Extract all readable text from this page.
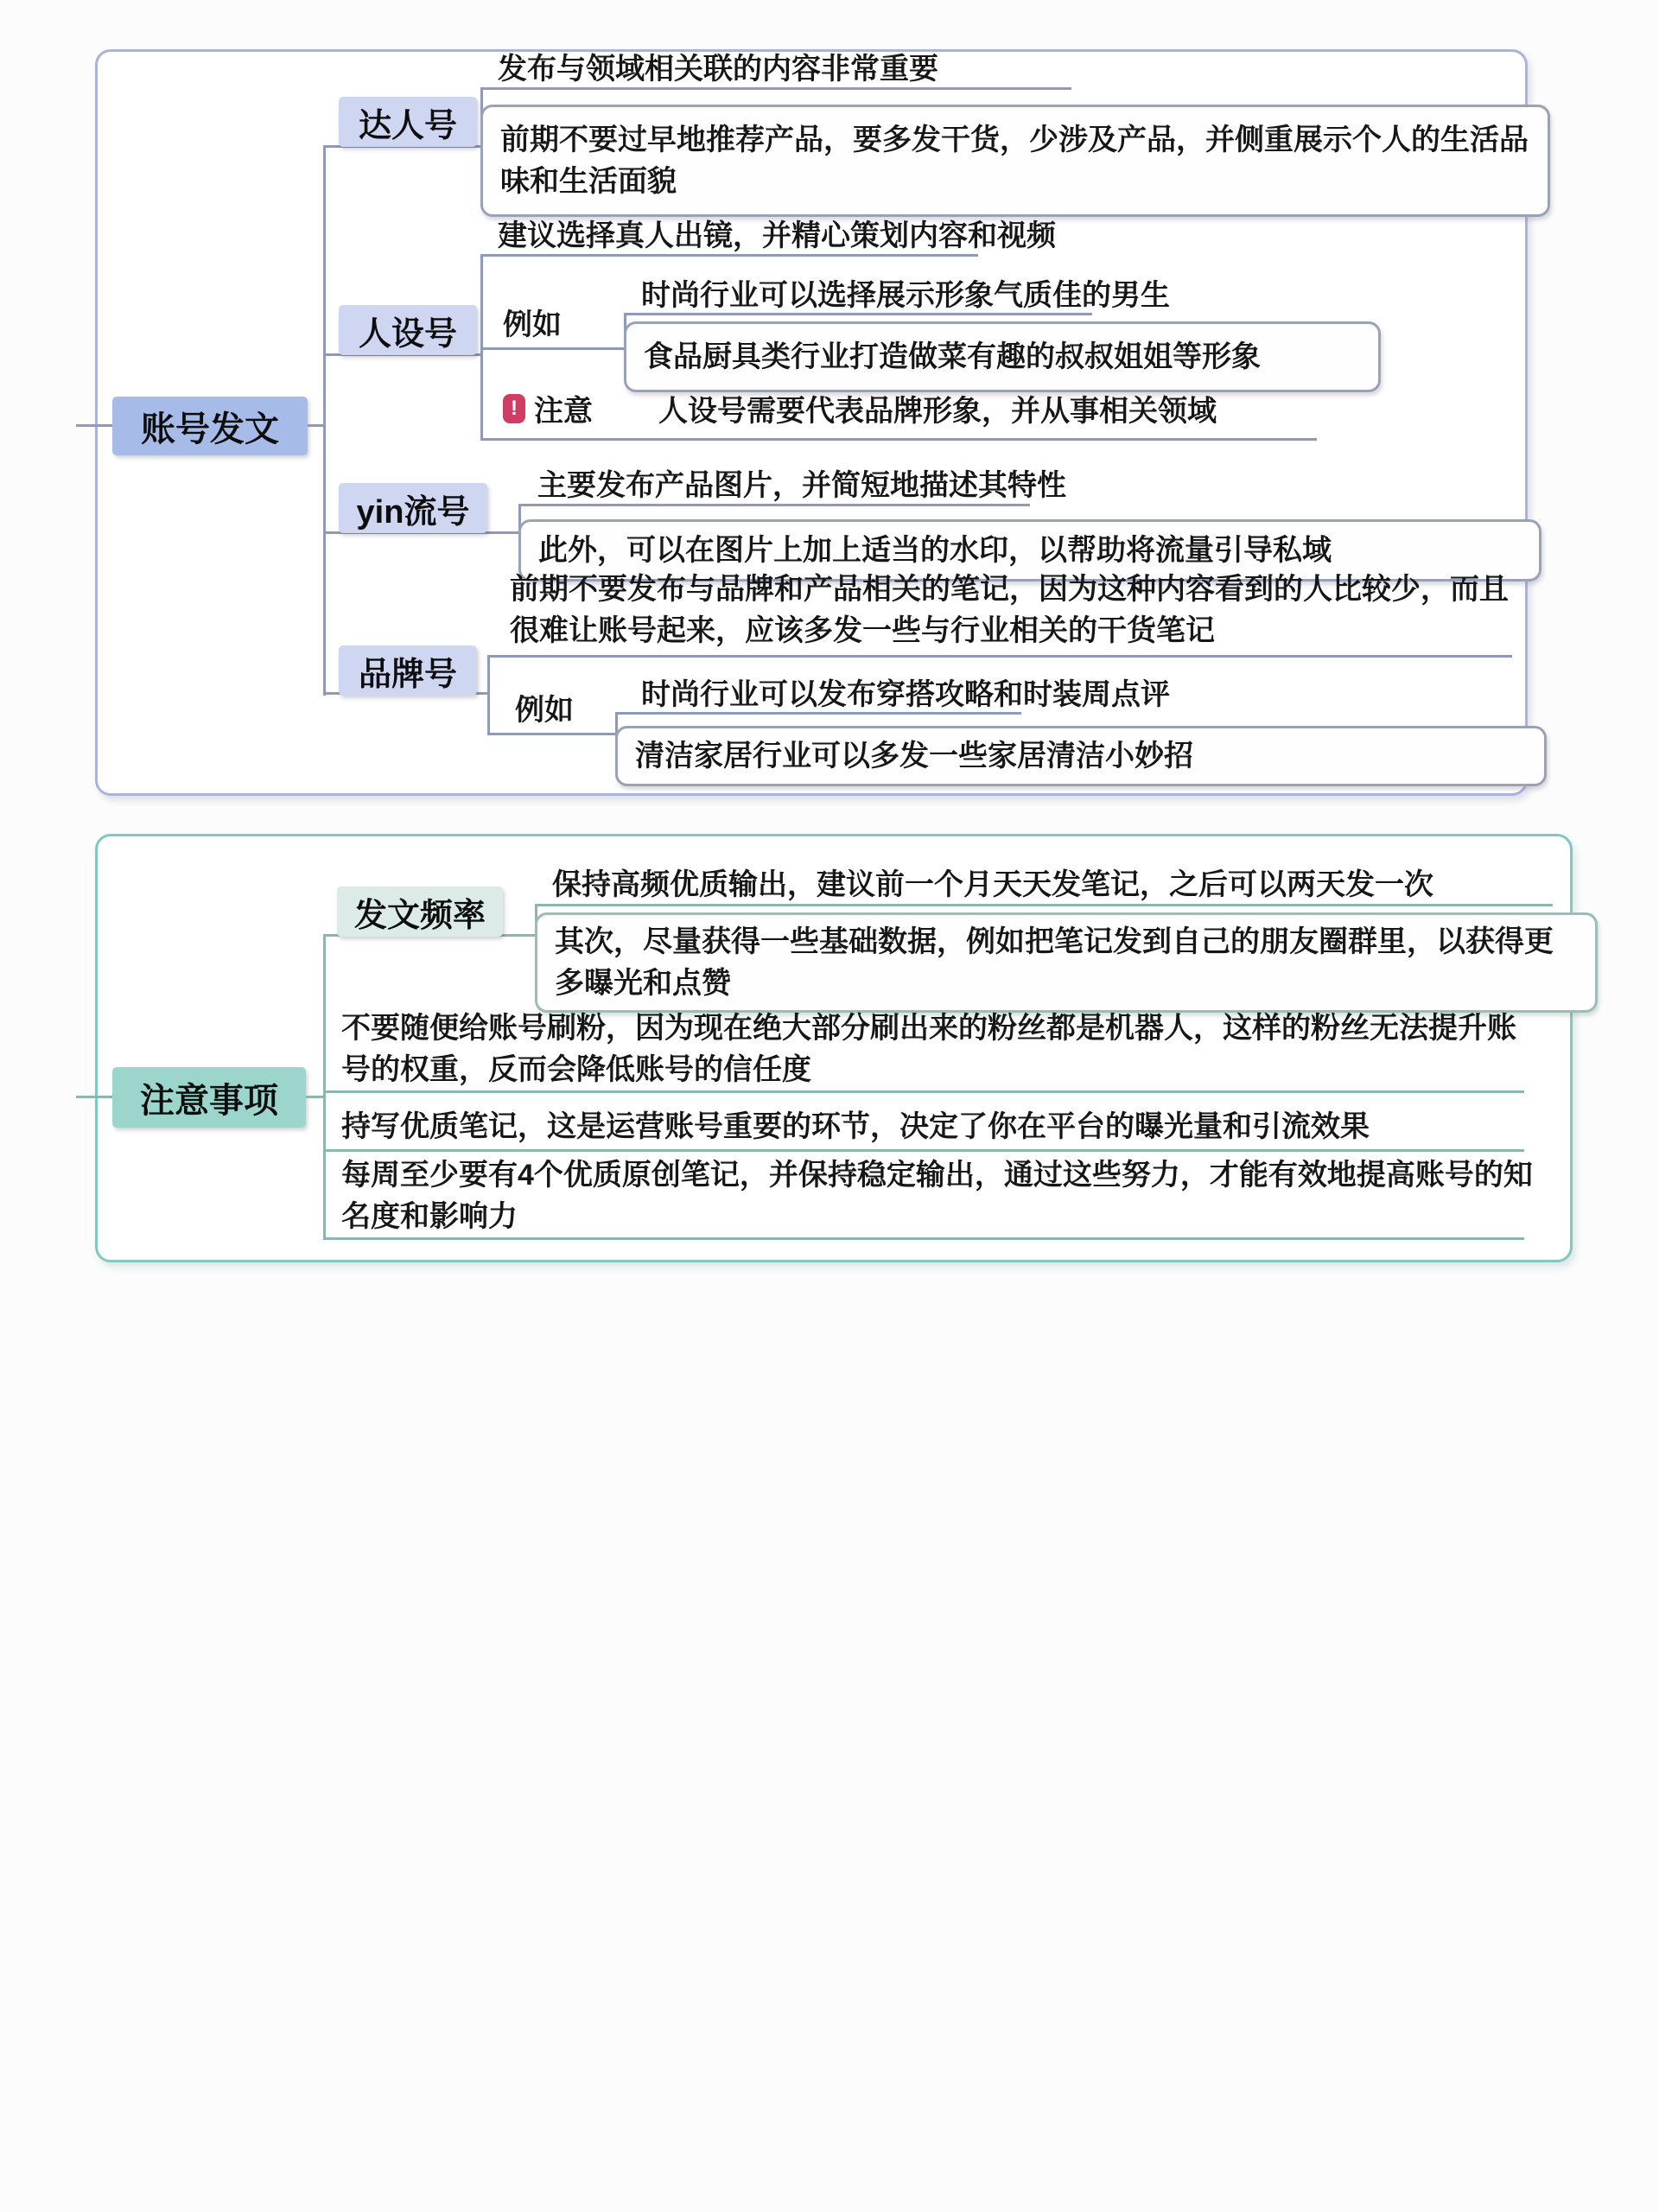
账号发文
达人号
发布与领域相关联的内容非常重要
前期不要过早地推荐产品，要多发干货，少涉及产品，并侧重展示个人的生活品味和生活面貌
人设号
建议选择真人出镜，并精心策划内容和视频
例如
时尚行业可以选择展示形象气质佳的男生
食品厨具类行业打造做菜有趣的叔叔姐姐等形象
! 注意 人设号需要代表品牌形象，并从事相关领域
yin流号
主要发布产品图片，并简短地描述其特性
此外，可以在图片上加上适当的水印，以帮助将流量引导私域
品牌号
前期不要发布与品牌和产品相关的笔记，因为这种内容看到的人比较少，而且很难让账号起来，应该多发一些与行业相关的干货笔记
例如 时尚行业可以发布穿搭攻略和时装周点评
清洁家居行业可以多发一些家居清洁小妙招
注意事项
发文频率
保持高频优质输出，建议前一个月天天发笔记，之后可以两天发一次
其次，尽量获得一些基础数据，例如把笔记发到自己的朋友圈群里，以获得更多曝光和点赞
不要随便给账号刷粉，因为现在绝大部分刷出来的粉丝都是机器人，这样的粉丝无法提升账号的权重，反而会降低账号的信任度
持写优质笔记，这是运营账号重要的环节，决定了你在平台的曝光量和引流效果
每周至少要有4个优质原创笔记，并保持稳定输出，通过这些努力，才能有效地提高账号的知名度和影响力
